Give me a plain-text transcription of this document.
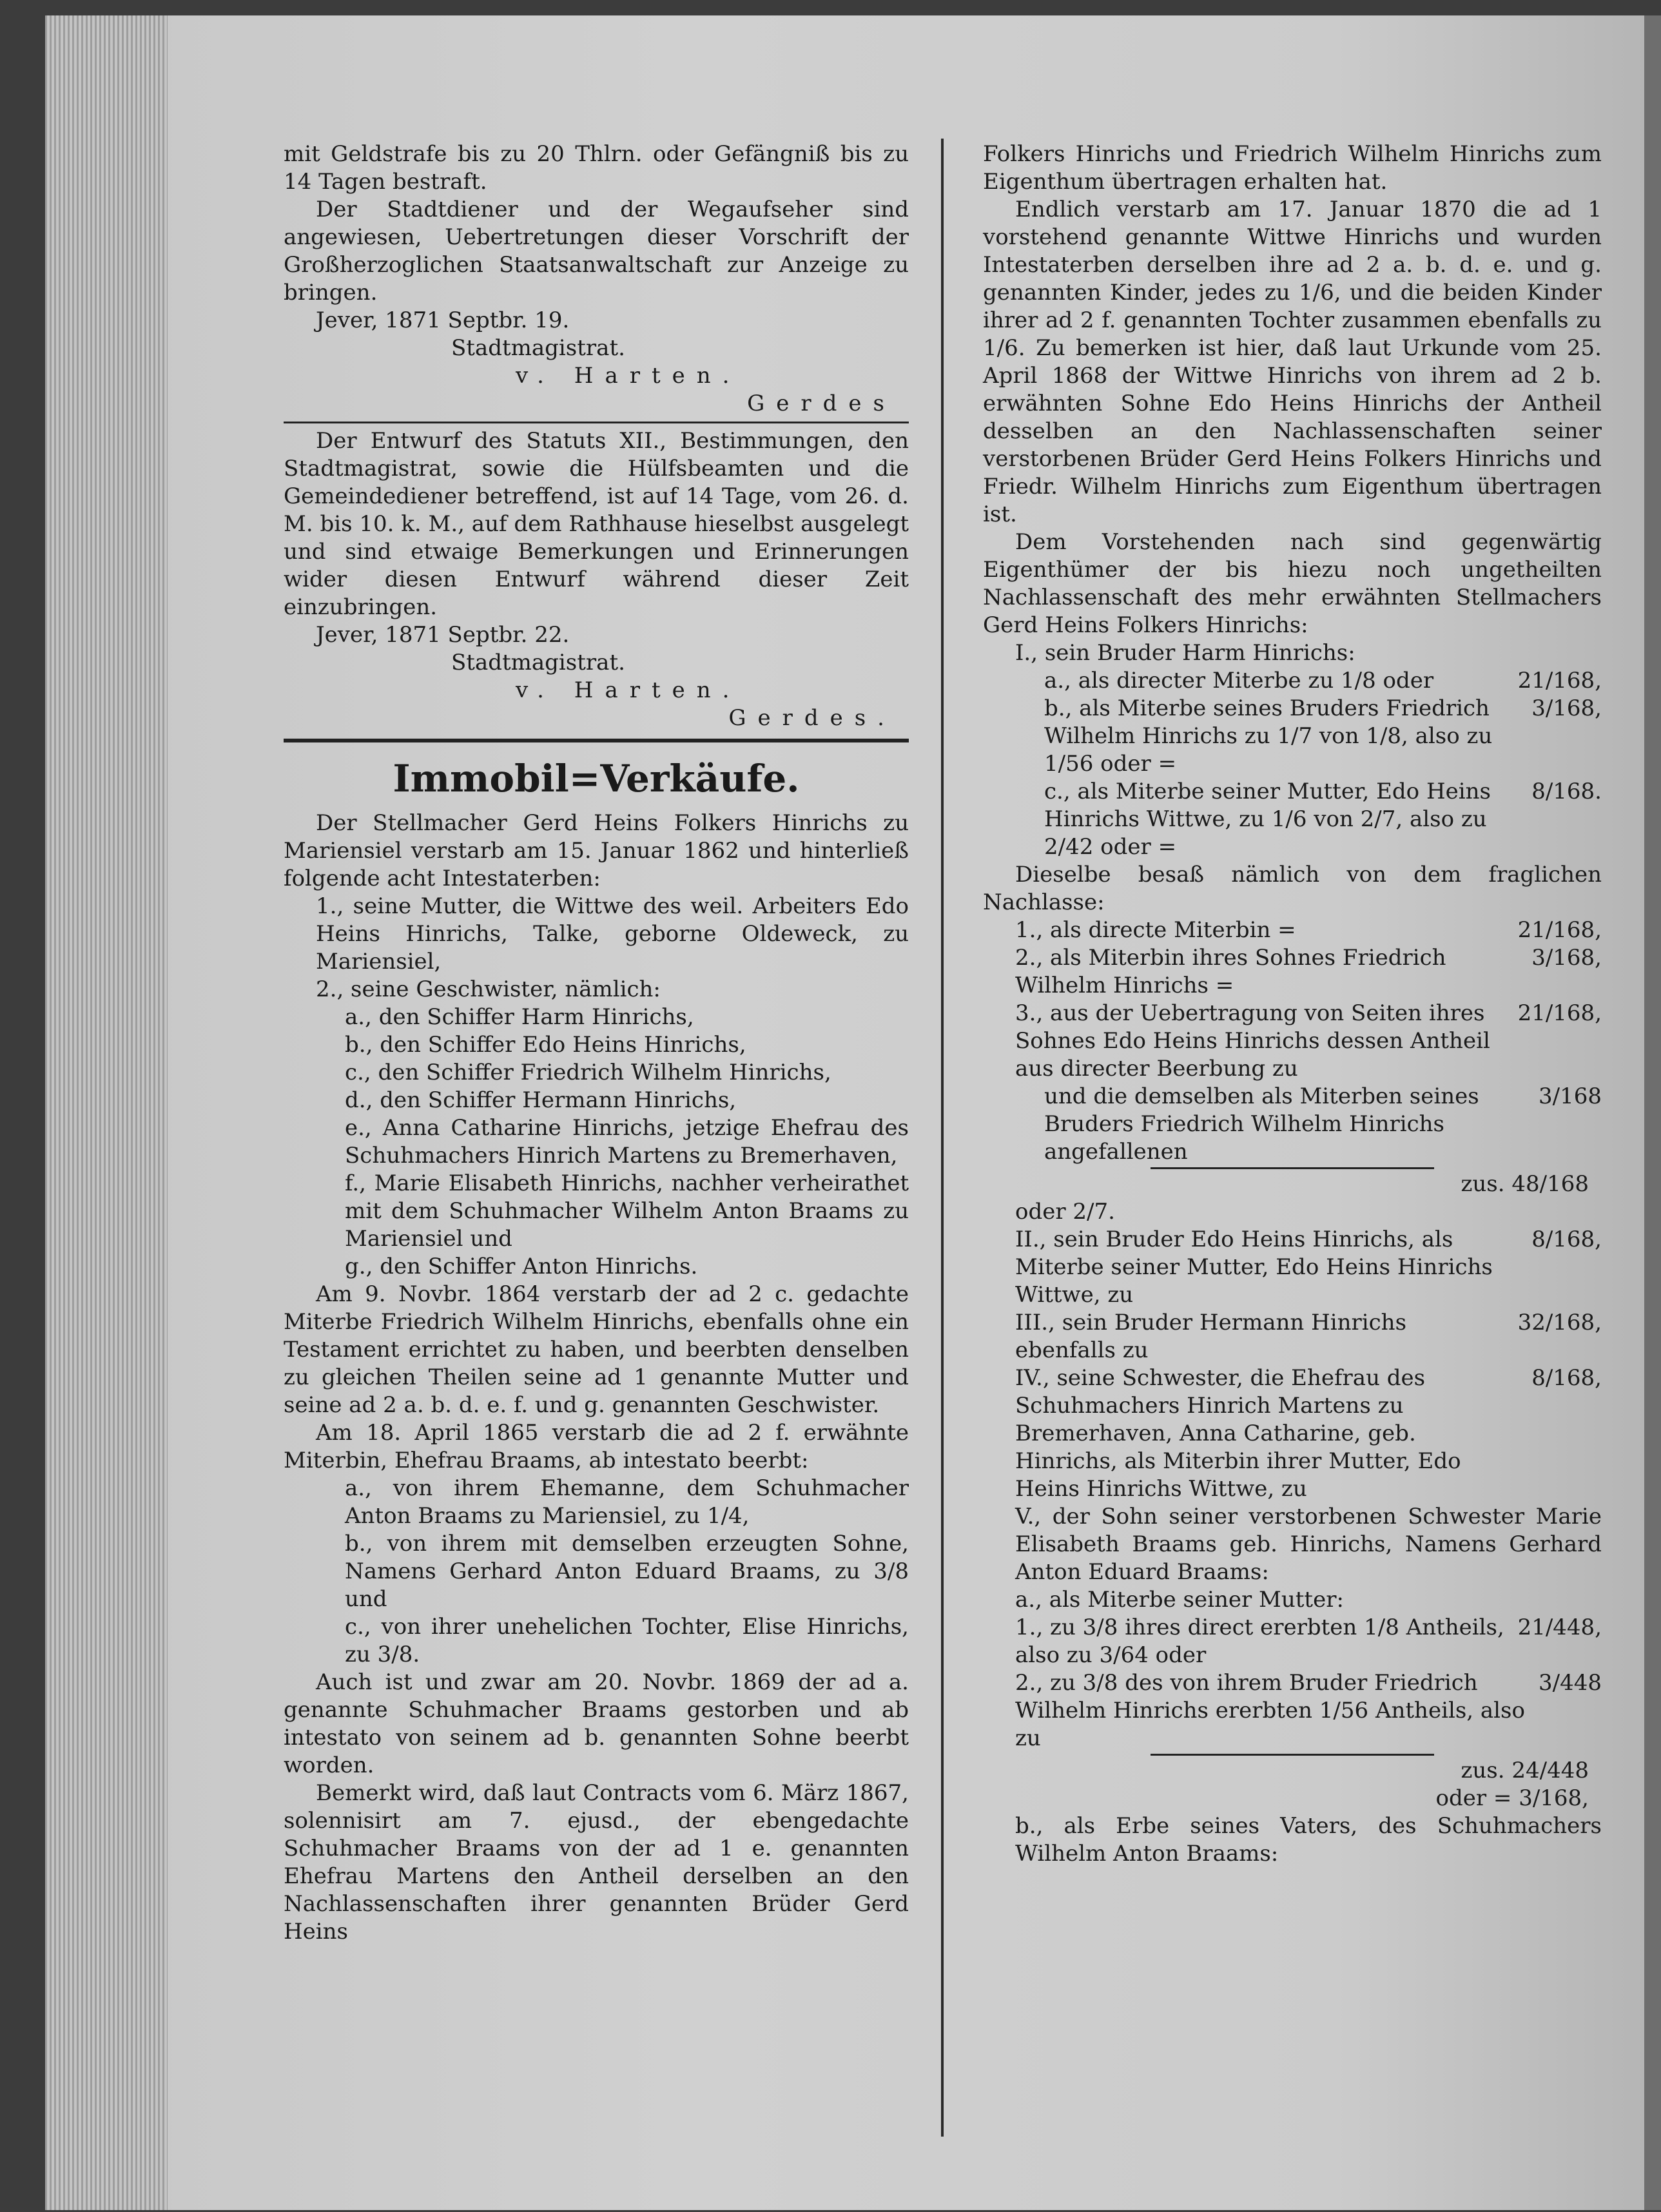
mit Geldstrafe bis zu 20 Thlrn. oder Gefängniß bis zu 14 Tagen bestraft.

Der Stadtdiener und der Wegaufseher sind angewiesen, Uebertretungen dieser Vorschrift der Großherzoglichen Staatsanwaltschaft zur Anzeige zu bringen.

Jever, 1871 Septbr. 19.

Stadtmagistrat.

v. Harten.

Gerdes

Der Entwurf des Statuts XII., Bestimmungen, den Stadtmagistrat, sowie die Hülfsbeamten und die Gemeindediener betreffend, ist auf 14 Tage, vom 26. d. M. bis 10. k. M., auf dem Rathhause hieselbst ausgelegt und sind etwaige Bemerkungen und Erinnerungen wider diesen Entwurf während dieser Zeit einzubringen.

Jever, 1871 Septbr. 22.

Stadtmagistrat.

v. Harten.

Gerdes.

Immobil=Verkäufe.

Der Stellmacher Gerd Heins Folkers Hinrichs zu Mariensiel verstarb am 15. Januar 1862 und hinterließ folgende acht Intestaterben:

1., seine Mutter, die Wittwe des weil. Arbeiters Edo Heins Hinrichs, Talke, geborne Oldeweck, zu Mariensiel,

2., seine Geschwister, nämlich:

a., den Schiffer Harm Hinrichs,

b., den Schiffer Edo Heins Hinrichs,

c., den Schiffer Friedrich Wilhelm Hinrichs,

d., den Schiffer Hermann Hinrichs,

e., Anna Catharine Hinrichs, jetzige Ehefrau des Schuhmachers Hinrich Martens zu Bremerhaven,

f., Marie Elisabeth Hinrichs, nachher verheirathet mit dem Schuhmacher Wilhelm Anton Braams zu Mariensiel und

g., den Schiffer Anton Hinrichs.

Am 9. Novbr. 1864 verstarb der ad 2 c. gedachte Miterbe Friedrich Wilhelm Hinrichs, ebenfalls ohne ein Testament errichtet zu haben, und beerbten denselben zu gleichen Theilen seine ad 1 genannte Mutter und seine ad 2 a. b. d. e. f. und g. genannten Geschwister.

Am 18. April 1865 verstarb die ad 2 f. erwähnte Miterbin, Ehefrau Braams, ab intestato beerbt:

a., von ihrem Ehemanne, dem Schuhmacher Anton Braams zu Mariensiel, zu 1/4,

b., von ihrem mit demselben erzeugten Sohne, Namens Gerhard Anton Eduard Braams, zu 3/8 und

c., von ihrer unehelichen Tochter, Elise Hinrichs, zu 3/8.

Auch ist und zwar am 20. Novbr. 1869 der ad a. genannte Schuhmacher Braams gestorben und ab intestato von seinem ad b. genannten Sohne beerbt worden.

Bemerkt wird, daß laut Contracts vom 6. März 1867, solennisirt am 7. ejusd., der ebengedachte Schuhmacher Braams von der ad 1 e. genannten Ehefrau Martens den Antheil derselben an den Nachlassenschaften ihrer genannten Brüder Gerd Heins

Folkers Hinrichs und Friedrich Wilhelm Hinrichs zum Eigenthum übertragen erhalten hat.

Endlich verstarb am 17. Januar 1870 die ad 1 vorstehend genannte Wittwe Hinrichs und wurden Intestaterben derselben ihre ad 2 a. b. d. e. und g. genannten Kinder, jedes zu 1/6, und die beiden Kinder ihrer ad 2 f. genannten Tochter zusammen ebenfalls zu 1/6. Zu bemerken ist hier, daß laut Urkunde vom 25. April 1868 der Wittwe Hinrichs von ihrem ad 2 b. erwähnten Sohne Edo Heins Hinrichs der Antheil desselben an den Nachlassenschaften seiner verstorbenen Brüder Gerd Heins Folkers Hinrichs und Friedr. Wilhelm Hinrichs zum Eigenthum übertragen ist.

Dem Vorstehenden nach sind gegenwärtig Eigenthümer der bis hiezu noch ungetheilten Nachlassenschaft des mehr erwähnten Stellmachers Gerd Heins Folkers Hinrichs:

I., sein Bruder Harm Hinrichs:

a., als directer Miterbe zu 1/8 oder	21/168,
b., als Miterbe seines Bruders Friedrich Wilhelm Hinrichs zu 1/7 von 1/8, also zu 1/56 oder =
3/168,
c., als Miterbe seiner Mutter, Edo Heins Hinrichs Wittwe, zu 1/6 von 2/7, also zu 2/42 oder =
8/168.

Dieselbe besaß nämlich von dem fraglichen Nachlasse:

1., als directe Miterbin =	21/168,
2., als Miterbin ihres Sohnes Friedrich Wilhelm Hinrichs =
3/168,
3., aus der Uebertragung von Seiten ihres Sohnes Edo Heins Hinrichs dessen Antheil aus directer Beerbung zu
21/168,
und die demselben als Miterben seines Bruders Friedrich Wilhelm Hinrichs angefallenen
3/168

zus. 48/168

oder 2/7.

II., sein Bruder Edo Heins Hinrichs, als Miterbe seiner Mutter, Edo Heins Hinrichs Wittwe, zu
8/168,
III., sein Bruder Hermann Hinrichs ebenfalls zu
32/168,
IV., seine Schwester, die Ehefrau des Schuhmachers Hinrich Martens zu Bremerhaven, Anna Catharine, geb. Hinrichs, als Miterbin ihrer Mutter, Edo Heins Hinrichs Wittwe, zu
8/168,

V., der Sohn seiner verstorbenen Schwester Marie Elisabeth Braams geb. Hinrichs, Namens Gerhard Anton Eduard Braams:

a., als Miterbe seiner Mutter:

1., zu 3/8 ihres direct ererbten 1/8 Antheils, also zu 3/64 oder
21/448,
2., zu 3/8 des von ihrem Bruder Friedrich Wilhelm Hinrichs ererbten 1/56 Antheils, also zu
3/448

zus. 24/448

oder = 3/168,

b., als Erbe seines Vaters, des Schuhmachers Wilhelm Anton Braams:
